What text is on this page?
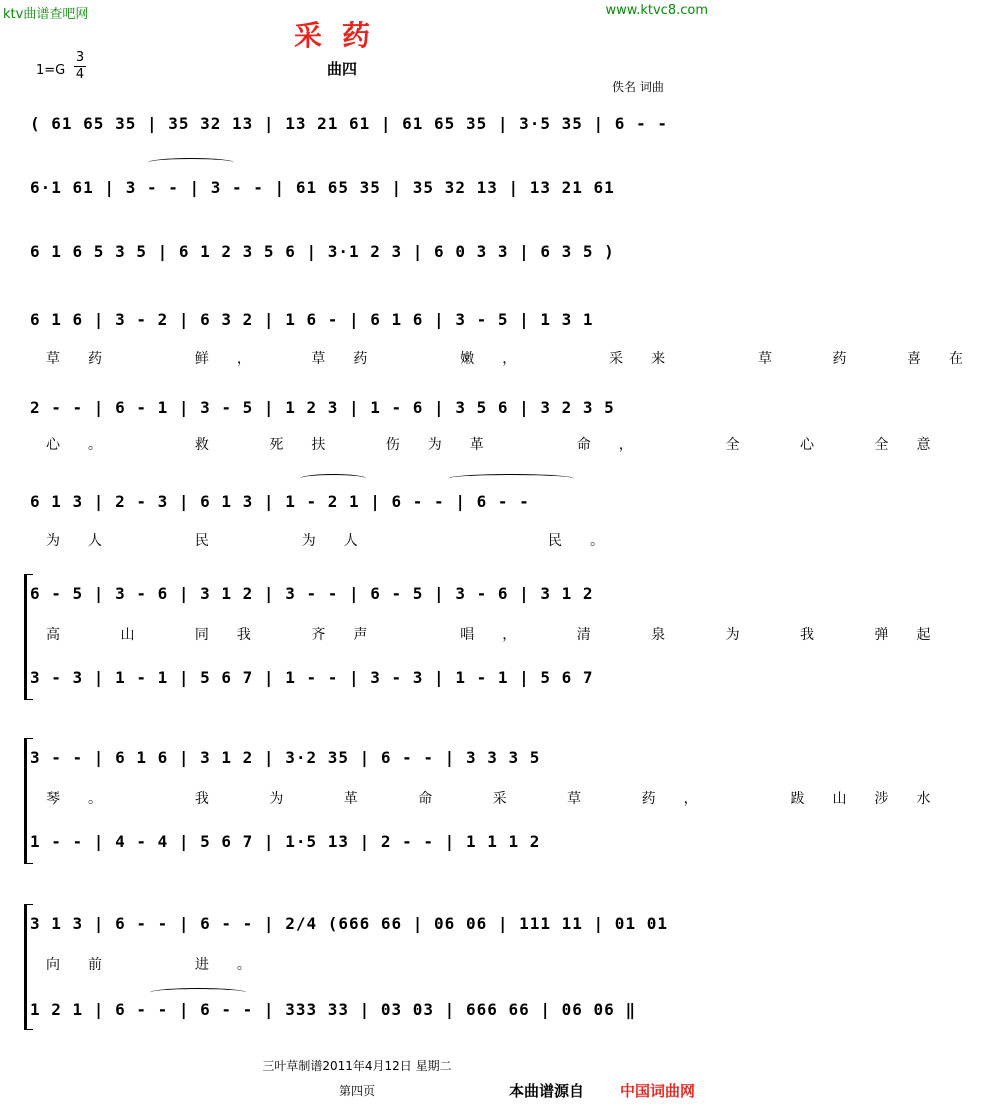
ktv曲谱查吧网	www.ktvc8.com
采药
曲四
1=G
3
4
佚名 词曲
( 61 65 35 | 35 32 13 | 13 21 61 | 61 65 35 | 3·5 35 | 6 - -
6·1 61 | 3 - - | 3 - - | 61 65 35 | 35 32 13 | 13 21 61
6 1 6 5 3 5 | 6 1 2 3 5 6 | 3·1 2 3 | 6 0 3 3 | 6 3 5 )
6 1 6 | 3 - 2 | 6 3 2 | 1 6 - | 6 1 6 | 3 - 5 | 1 3 1
草药  鲜， 草药  嫩，  采来  草 药 喜在
2 - - | 6 - 1 | 3 - 5 | 1 2 3 | 1 - 6 | 3 5 6 | 3 2 3 5
心。  救 死扶 伤为革  命，  全 心 全意
6 1 3 | 2 - 3 | 6 1 3 | 1 - 2 1 | 6 - - | 6 - -
为人  民  为人     民。
6 - 5 | 3 - 6 | 3 1 2 | 3 - - | 6 - 5 | 3 - 6 | 3 1 2
高 山 同我 齐声  唱， 清 泉 为 我 弹起
3 - 3 | 1 - 1 | 5 6 7 | 1 - - | 3 - 3 | 1 - 1 | 5 6 7
3 - - | 6 1 6 | 3 1 2 | 3·2 35 | 6 - - | 3 3 3 5
琴。  我 为 革 命 采 草 药，  跋山涉水
1 - - | 4 - 4 | 5 6 7 | 1·5 13 | 2 - - | 1 1 1 2
3 1 3 | 6 - - | 6 - - | 2/4 (666 66 | 06 06 | 111 11 | 01 01
向前  进。
1 2 1 | 6 - - | 6 - - | 333 33 | 03 03 | 666 66 | 06 06 ‖
三叶草制谱2011年4月12日 星期二
第四页	本曲谱源自 中国词曲网
